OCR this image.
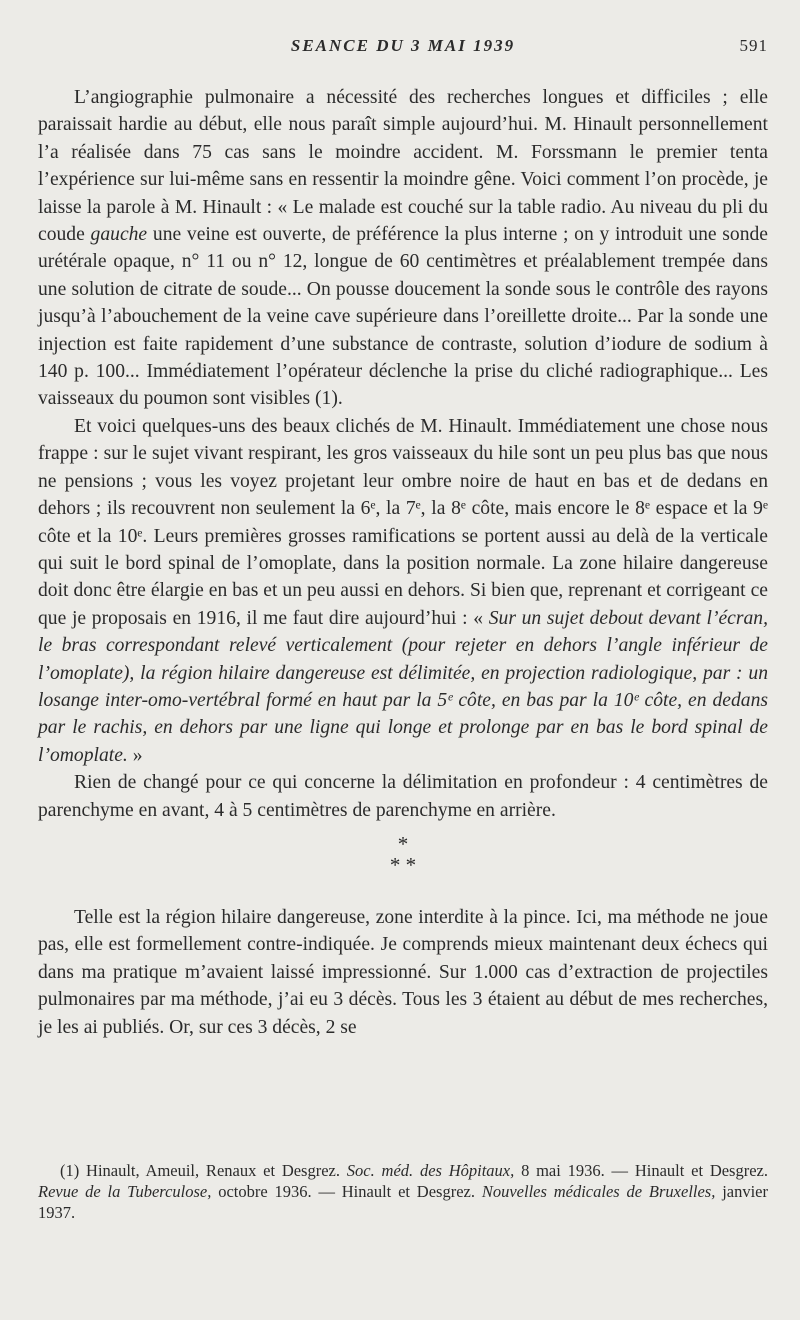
SEANCE DU 3 MAI 1939	591

L’angiographie pulmonaire a nécessité des recherches longues et difficiles ; elle paraissait hardie au début, elle nous paraît simple aujourd’hui. M. Hinault personnellement l’a réalisée dans 75 cas sans le moindre accident. M. Forssmann le premier tenta l’expérience sur lui-même sans en ressentir la moindre gêne. Voici comment l’on procède, je laisse la parole à M. Hinault : « Le malade est couché sur la table radio. Au niveau du pli du coude gauche une veine est ouverte, de préférence la plus interne ; on y introduit une sonde urétérale opaque, n° 11 ou n° 12, longue de 60 centimètres et préalablement trempée dans une solution de citrate de soude... On pousse doucement la sonde sous le contrôle des rayons jusqu’à l’abouchement de la veine cave supérieure dans l’oreillette droite... Par la sonde une injection est faite rapidement d’une substance de contraste, solution d’iodure de sodium à 140 p. 100... Immédiatement l’opérateur déclenche la prise du cliché radiographique... Les vaisseaux du poumon sont visibles (1).

Et voici quelques-uns des beaux clichés de M. Hinault. Immédiatement une chose nous frappe : sur le sujet vivant respirant, les gros vaisseaux du hile sont un peu plus bas que nous ne pensions ; vous les voyez projetant leur ombre noire de haut en bas et de dedans en dehors ; ils recouvrent non seulement la 6ᵉ, la 7ᵉ, la 8ᵉ côte, mais encore le 8ᵉ espace et la 9ᵉ côte et la 10ᵉ. Leurs premières grosses ramifications se portent aussi au delà de la verticale qui suit le bord spinal de l’omoplate, dans la position normale. La zone hilaire dangereuse doit donc être élargie en bas et un peu aussi en dehors. Si bien que, reprenant et corrigeant ce que je proposais en 1916, il me faut dire aujourd’hui : « Sur un sujet debout devant l’écran, le bras correspondant relevé verticalement (pour rejeter en dehors l’angle inférieur de l’omoplate), la région hilaire dangereuse est délimitée, en projection radiologique, par : un losange inter-omo-vertébral formé en haut par la 5ᵉ côte, en bas par la 10ᵉ côte, en dedans par le rachis, en dehors par une ligne qui longe et prolonge par en bas le bord spinal de l’omoplate. »

Rien de changé pour ce qui concerne la délimitation en profondeur : 4 centimètres de parenchyme en avant, 4 à 5 centimètres de parenchyme en arrière.

*
* *

Telle est la région hilaire dangereuse, zone interdite à la pince. Ici, ma méthode ne joue pas, elle est formellement contre-indiquée. Je comprends mieux maintenant deux échecs qui dans ma pratique m’avaient laissé impressionné. Sur 1.000 cas d’extraction de projectiles pulmonaires par ma méthode, j’ai eu 3 décès. Tous les 3 étaient au début de mes recherches, je les ai publiés. Or, sur ces 3 décès, 2 se

(1) Hinault, Ameuil, Renaux et Desgrez. Soc. méd. des Hôpitaux, 8 mai 1936. — Hinault et Desgrez. Revue de la Tuberculose, octobre 1936. — Hinault et Desgrez. Nouvelles médicales de Bruxelles, janvier 1937.
